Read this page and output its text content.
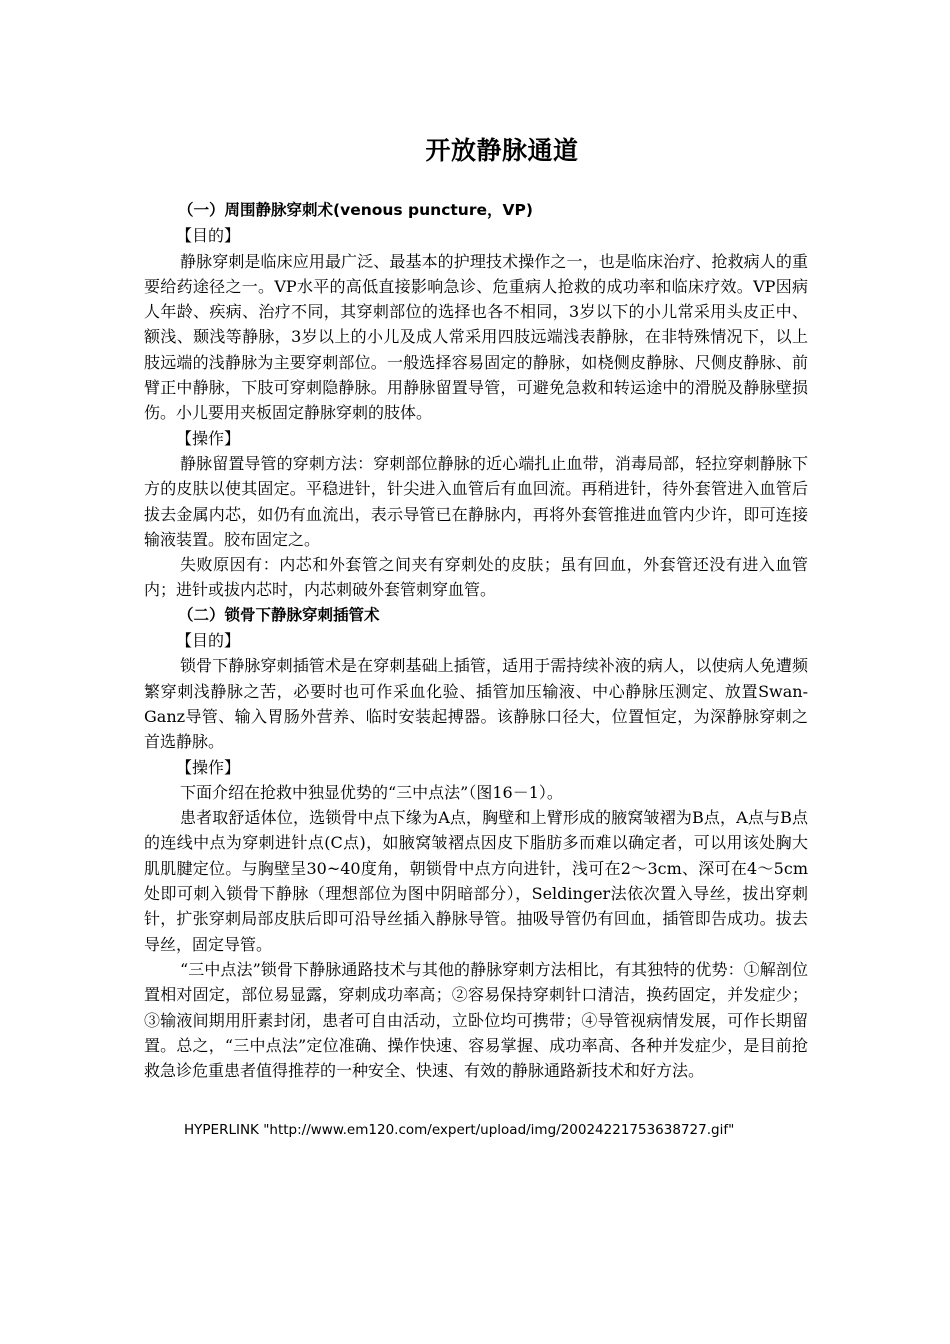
开放静脉通道

（一）周围静脉穿刺术(venous puncture，VP)

【目的】

静脉穿刺是临床应用最广泛、最基本的护理技术操作之一，也是临床治疗、抢救病人的重要给药途径之一。VP水平的高低直接影响急诊、危重病人抢救的成功率和临床疗效。VP因病人年龄、疾病、治疗不同，其穿刺部位的选择也各不相同，3岁以下的小儿常采用头皮正中、额浅、颞浅等静脉，3岁以上的小儿及成人常采用四肢远端浅表静脉，在非特殊情况下，以上肢远端的浅静脉为主要穿刺部位。一般选择容易固定的静脉，如桡侧皮静脉、尺侧皮静脉、前臂正中静脉，下肢可穿刺隐静脉。用静脉留置导管，可避免急救和转运途中的滑脱及静脉壁损伤。小儿要用夹板固定静脉穿刺的肢体。

【操作】

静脉留置导管的穿刺方法：穿刺部位静脉的近心端扎止血带，消毒局部，轻拉穿刺静脉下方的皮肤以使其固定。平稳进针，针尖进入血管后有血回流。再稍进针，待外套管进入血管后拔去金属内芯，如仍有血流出，表示导管已在静脉内，再将外套管推进血管内少许，即可连接输液装置。胶布固定之。

失败原因有：内芯和外套管之间夹有穿刺处的皮肤；虽有回血，外套管还没有进入血管内；进针或拔内芯时，内芯刺破外套管刺穿血管。

（二）锁骨下静脉穿刺插管术

【目的】

锁骨下静脉穿刺插管术是在穿刺基础上插管，适用于需持续补液的病人，以使病人免遭频繁穿刺浅静脉之苦，必要时也可作采血化验、插管加压输液、中心静脉压测定、放置Swan-Ganz导管、输入胃肠外营养、临时安装起搏器。该静脉口径大，位置恒定，为深静脉穿刺之首选静脉。

【操作】

下面介绍在抢救中独显优势的“三中点法”（图16－1）。

患者取舒适体位，选锁骨中点下缘为A点，胸壁和上臂形成的腋窝皱褶为B点，A点与B点的连线中点为穿刺进针点(C点)，如腋窝皱褶点因皮下脂肪多而难以确定者，可以用该处胸大肌肌腱定位。与胸壁呈30~40度角，朝锁骨中点方向进针，浅可在2～3cm、深可在4～5cm处即可刺入锁骨下静脉（理想部位为图中阴暗部分），Seldinger法依次置入导丝，拔出穿刺针，扩张穿刺局部皮肤后即可沿导丝插入静脉导管。抽吸导管仍有回血，插管即告成功。拔去导丝，固定导管。

“三中点法”锁骨下静脉通路技术与其他的静脉穿刺方法相比，有其独特的优势：①解剖位置相对固定，部位易显露，穿刺成功率高；②容易保持穿刺针口清洁，换药固定，并发症少；③输液间期用肝素封闭，患者可自由活动，立卧位均可携带；④导管视病情发展，可作长期留置。总之，“三中点法”定位准确、操作快速、容易掌握、成功率高、各种并发症少，是目前抢救急诊危重患者值得推荐的一种安全、快速、有效的静脉通路新技术和好方法。

HYPERLINK "http://www.em120.com/expert/upload/img/20024221753638727.gif"
